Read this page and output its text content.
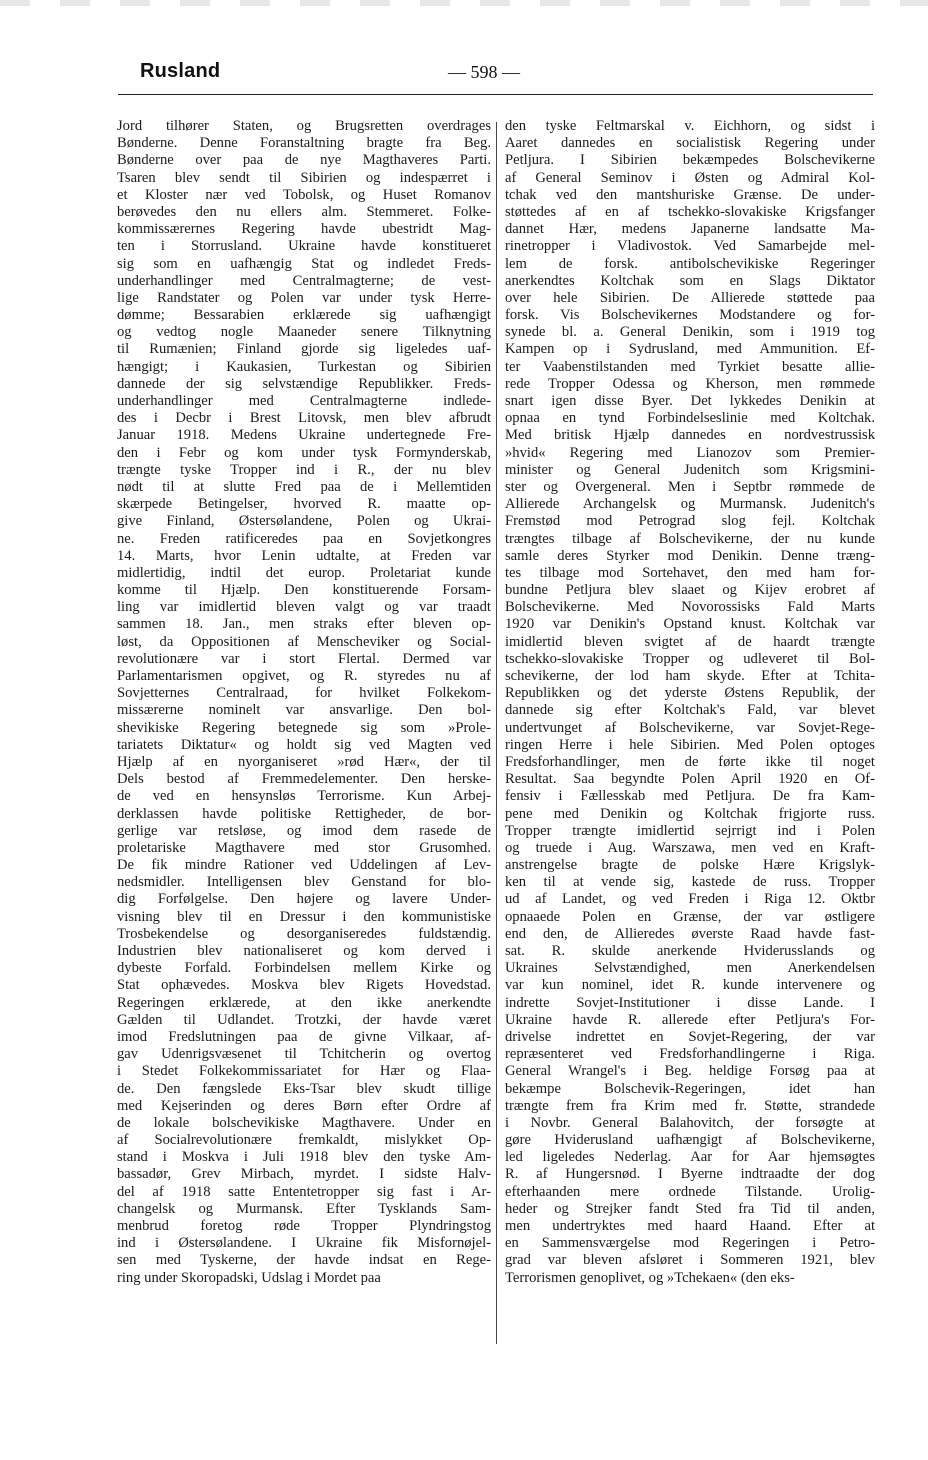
Rusland	— 598 —
Jord tilhører Staten, og Brugsretten overdrages
Bønderne. Denne Foranstaltning bragte fra Beg.
Bønderne over paa de nye Magthaveres Parti.
Tsaren blev sendt til Sibirien og indespærret i
et Kloster nær ved Tobolsk, og Huset Romanov
berøvedes den nu ellers alm. Stemmeret. Folke-
kommissærernes Regering havde ubestridt Mag-
ten i Storrusland. Ukraine havde konstitueret
sig som en uafhængig Stat og indledet Freds-
underhandlinger med Centralmagterne; de vest-
lige Randstater og Polen var under tysk Herre-
dømme; Bessarabien erklærede sig uafhængigt
og vedtog nogle Maaneder senere Tilknytning
til Rumænien; Finland gjorde sig ligeledes uaf-
hængigt; i Kaukasien, Turkestan og Sibirien
dannede der sig selvstændige Republikker. Freds-
underhandlinger med Centralmagterne indlede-
des i Decbr i Brest Litovsk, men blev afbrudt
Januar 1918. Medens Ukraine undertegnede Fre-
den i Febr og kom under tysk Formynderskab,
trængte tyske Tropper ind i R., der nu blev
nødt til at slutte Fred paa de i Mellemtiden
skærpede Betingelser, hvorved R. maatte op-
give Finland, Østersølandene, Polen og Ukrai-
ne. Freden ratificeredes paa en Sovjetkongres
14. Marts, hvor Lenin udtalte, at Freden var
midlertidig, indtil det europ. Proletariat kunde
komme til Hjælp. Den konstituerende Forsam-
ling var imidlertid bleven valgt og var traadt
sammen 18. Jan., men straks efter bleven op-
løst, da Oppositionen af Menscheviker og Social-
revolutionære var i stort Flertal. Dermed var
Parlamentarismen opgivet, og R. styredes nu af
Sovjetternes Centralraad, for hvilket Folkekom-
missærerne nominelt var ansvarlige. Den bol-
shevikiske Regering betegnede sig som »Prole-
tariatets Diktatur« og holdt sig ved Magten ved
Hjælp af en nyorganiseret »rød Hær«, der til
Dels bestod af Fremmedelementer. Den herske-
de ved en hensynsløs Terrorisme. Kun Arbej-
derklassen havde politiske Rettigheder, de bor-
gerlige var retsløse, og imod dem rasede de
proletariske Magthavere med stor Grusomhed.
De fik mindre Rationer ved Uddelingen af Lev-
nedsmidler. Intelligensen blev Genstand for blo-
dig Forfølgelse. Den højere og lavere Under-
visning blev til en Dressur i den kommunistiske
Trosbekendelse og desorganiseredes fuldstændig.
Industrien blev nationaliseret og kom derved i
dybeste Forfald. Forbindelsen mellem Kirke og
Stat ophævedes. Moskva blev Rigets Hovedstad.
Regeringen erklærede, at den ikke anerkendte
Gælden til Udlandet. Trotzki, der havde været
imod Fredslutningen paa de givne Vilkaar, af-
gav Udenrigsvæsenet til Tchitcherin og overtog
i Stedet Folkekommissariatet for Hær og Flaa-
de. Den fængslede Eks-Tsar blev skudt tillige
med Kejserinden og deres Børn efter Ordre af
de lokale bolschevikiske Magthavere. Under en
af Socialrevolutionære fremkaldt, mislykket Op-
stand i Moskva i Juli 1918 blev den tyske Am-
bassadør, Grev Mirbach, myrdet. I sidste Halv-
del af 1918 satte Ententetropper sig fast i Ar-
changelsk og Murmansk. Efter Tysklands Sam-
menbrud foretog røde Tropper Plyndringstog
ind i Østersølandene. I Ukraine fik Misfornøjel-
sen med Tyskerne, der havde indsat en Rege-
ring under Skoropadski, Udslag i Mordet paa
den tyske Feltmarskal v. Eichhorn, og sidst i
Aaret dannedes en socialistisk Regering under
Petljura. I Sibirien bekæmpedes Bolschevikerne
af General Seminov i Østen og Admiral Kol-
tchak ved den mantshuriske Grænse. De under-
støttedes af en af tschekko-slovakiske Krigsfanger
dannet Hær, medens Japanerne landsatte Ma-
rinetropper i Vladivostok. Ved Samarbejde mel-
lem de forsk. antibolschevikiske Regeringer
anerkendtes Koltchak som en Slags Diktator
over hele Sibirien. De Allierede støttede paa
forsk. Vis Bolschevikernes Modstandere og for-
synede bl. a. General Denikin, som i 1919 tog
Kampen op i Sydrusland, med Ammunition. Ef-
ter Vaabenstilstanden med Tyrkiet besatte allie-
rede Tropper Odessa og Kherson, men rømmede
snart igen disse Byer. Det lykkedes Denikin at
opnaa en tynd Forbindelseslinie med Koltchak.
Med britisk Hjælp dannedes en nordvestrussisk
»hvid« Regering med Lianozov som Premier-
minister og General Judenitch som Krigsmini-
ster og Overgeneral. Men i Septbr rømmede de
Allierede Archangelsk og Murmansk. Judenitch's
Fremstød mod Petrograd slog fejl. Koltchak
trængtes tilbage af Bolschevikerne, der nu kunde
samle deres Styrker mod Denikin. Denne træng-
tes tilbage mod Sortehavet, den med ham for-
bundne Petljura blev slaaet og Kijev erobret af
Bolschevikerne. Med Novorossisks Fald Marts
1920 var Denikin's Opstand knust. Koltchak var
imidlertid bleven svigtet af de haardt trængte
tschekko-slovakiske Tropper og udleveret til Bol-
schevikerne, der lod ham skyde. Efter at Tchita-
Republikken og det yderste Østens Republik, der
dannede sig efter Koltchak's Fald, var blevet
undertvunget af Bolschevikerne, var Sovjet-Rege-
ringen Herre i hele Sibirien. Med Polen optoges
Fredsforhandlinger, men de førte ikke til noget
Resultat. Saa begyndte Polen April 1920 en Of-
fensiv i Fællesskab med Petljura. De fra Kam-
pene med Denikin og Koltchak frigjorte russ.
Tropper trængte imidlertid sejrrigt ind i Polen
og truede i Aug. Warszawa, men ved en Kraft-
anstrengelse bragte de polske Hære Krigslyk-
ken til at vende sig, kastede de russ. Tropper
ud af Landet, og ved Freden i Riga 12. Oktbr
opnaaede Polen en Grænse, der var østligere
end den, de Allieredes øverste Raad havde fast-
sat. R. skulde anerkende Hviderusslands og
Ukraines Selvstændighed, men Anerkendelsen
var kun nominel, idet R. kunde intervenere og
indrette Sovjet-Institutioner i disse Lande. I
Ukraine havde R. allerede efter Petljura's For-
drivelse indrettet en Sovjet-Regering, der var
repræsenteret ved Fredsforhandlingerne i Riga.
General Wrangel's i Beg. heldige Forsøg paa at
bekæmpe Bolschevik-Regeringen, idet han
trængte frem fra Krim med fr. Støtte, strandede
i Novbr. General Balahovitch, der forsøgte at
gøre Hviderusland uafhængigt af Bolschevikerne,
led ligeledes Nederlag. Aar for Aar hjemsøgtes
R. af Hungersnød. I Byerne indtraadte der dog
efterhaanden mere ordnede Tilstande. Urolig-
heder og Strejker fandt Sted fra Tid til anden,
men undertryktes med haard Haand. Efter at
en Sammensværgelse mod Regeringen i Petro-
grad var bleven afsløret i Sommeren 1921, blev
Terrorismen genoplivet, og »Tchekaen« (den eks-
